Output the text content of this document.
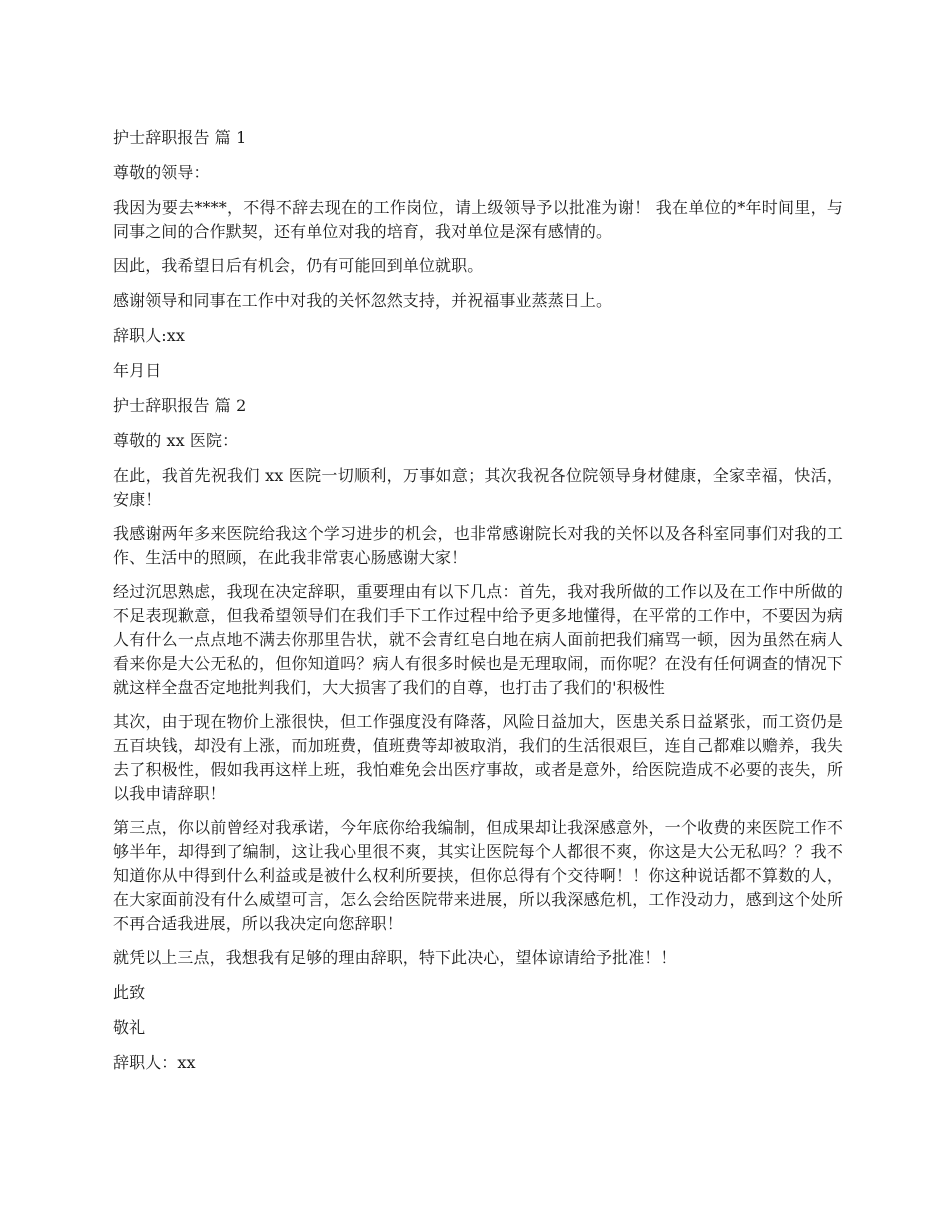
护士辞职报告 篇 1

尊敬的领导：

我因为要去****，不得不辞去现在的工作岗位，请上级领导予以批准为谢！ 我在单位的*年时间里，与同事之间的合作默契，还有单位对我的培育，我对单位是深有感情的。

因此，我希望日后有机会，仍有可能回到单位就职。

感谢领导和同事在工作中对我的关怀忽然支持，并祝福事业蒸蒸日上。

辞职人:xx

年月日

护士辞职报告 篇 2

尊敬的 xx 医院：

在此，我首先祝我们 xx 医院一切顺利，万事如意；其次我祝各位院领导身材健康，全家幸福，快活，安康！

我感谢两年多来医院给我这个学习进步的机会，也非常感谢院长对我的关怀以及各科室同事们对我的工作、生活中的照顾，在此我非常衷心肠感谢大家！

经过沉思熟虑，我现在决定辞职，重要理由有以下几点：首先，我对我所做的工作以及在工作中所做的不足表现歉意，但我希望领导们在我们手下工作过程中给予更多地懂得，在平常的工作中，不要因为病人有什么一点点地不满去你那里告状，就不会青红皂白地在病人面前把我们痛骂一顿，因为虽然在病人看来你是大公无私的，但你知道吗？病人有很多时候也是无理取闹，而你呢？在没有任何调查的情况下就这样全盘否定地批判我们，大大损害了我们的自尊，也打击了我们的'积极性

其次，由于现在物价上涨很快，但工作强度没有降落，风险日益加大，医患关系日益紧张，而工资仍是五百块钱，却没有上涨，而加班费，值班费等却被取消，我们的生活很艰巨，连自己都难以赡养，我失去了积极性，假如我再这样上班，我怕难免会出医疗事故，或者是意外，给医院造成不必要的丧失，所以我申请辞职！

第三点，你以前曾经对我承诺，今年底你给我编制，但成果却让我深感意外，一个收费的来医院工作不够半年，却得到了编制，这让我心里很不爽，其实让医院每个人都很不爽，你这是大公无私吗？？我不知道你从中得到什么利益或是被什么权利所要挟，但你总得有个交待啊！！你这种说话都不算数的人，在大家面前没有什么威望可言，怎么会给医院带来进展，所以我深感危机，工作没动力，感到这个处所不再合适我进展，所以我决定向您辞职！

就凭以上三点，我想我有足够的理由辞职，特下此决心，望体谅请给予批准！！

此致

敬礼

辞职人：xx
